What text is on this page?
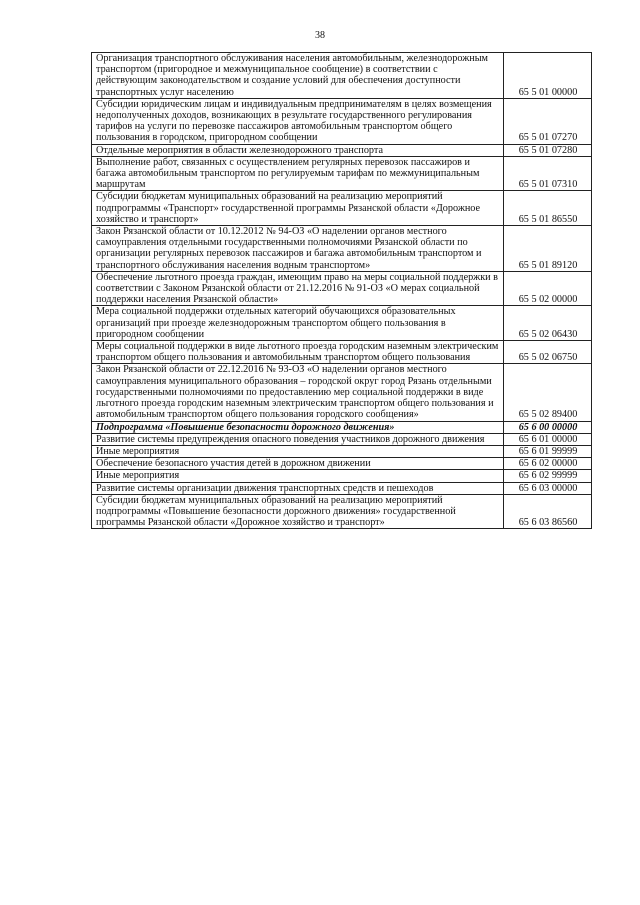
38
Организация транспортного обслуживания населения автомобильным, железнодорожным транспортом (пригородное и межмуниципальное сообщение) в соответствии с действующим законодательством и создание условий для обеспечения доступности транспортных услуг населению	65 5 01 00000
Субсидии юридическим лицам и индивидуальным предпринимателям в целях возмещения недополученных доходов, возникающих в результате государственного регулирования тарифов на услуги по перевозке пассажиров автомобильным транспортом общего пользования в городском, пригородном сообщении	65 5 01 07270
Отдельные мероприятия в области железнодорожного транспорта	65 5 01 07280
Выполнение работ, связанных с осуществлением регулярных перевозок пассажиров и багажа автомобильным транспортом по регулируемым тарифам по межмуниципальным маршрутам	65 5 01 07310
Субсидии бюджетам муниципальных образований на реализацию мероприятий подпрограммы «Транспорт» государственной программы Рязанской области «Дорожное хозяйство и транспорт»	65 5 01 86550
Закон Рязанской области от 10.12.2012 № 94-ОЗ «О наделении органов местного самоуправления отдельными государственными полномочиями Рязанской области по организации регулярных перевозок пассажиров и багажа автомобильным транспортом и транспортного обслуживания населения водным транспортом»	65 5 01 89120
Обеспечение льготного проезда граждан, имеющим право на меры социальной поддержки в соответствии с Законом Рязанской области от 21.12.2016 № 91-ОЗ «О мерах социальной поддержки населения Рязанской области»	65 5 02 00000
Мера социальной поддержки отдельных категорий обучающихся образовательных организаций при проезде железнодорожным транспортом общего пользования в пригородном сообщении	65 5 02 06430
Меры социальной поддержки в виде льготного проезда городским наземным электрическим транспортом общего пользования и автомобильным транспортом общего пользования	65 5 02 06750
Закон Рязанской области от 22.12.2016 № 93-ОЗ «О наделении органов местного самоуправления муниципального образования – городской округ город Рязань отдельными государственными полномочиями по предоставлению мер социальной поддержки в виде льготного проезда городским наземным электрическим транспортом общего пользования и автомобильным транспортом общего пользования городского сообщения»	65 5 02 89400
Подпрограмма «Повышение безопасности дорожного движения»	65 6 00 00000
Развитие системы предупреждения опасного поведения участников дорожного движения	65 6 01 00000
Иные мероприятия	65 6 01 99999
Обеспечение безопасного участия детей в дорожном движении	65 6 02 00000
Иные мероприятия	65 6 02 99999
Развитие системы организации движения транспортных средств и пешеходов	65 6 03 00000
Субсидии бюджетам муниципальных образований на реализацию мероприятий подпрограммы «Повышение безопасности дорожного движения» государственной программы Рязанской области «Дорожное хозяйство и транспорт»	65 6 03 86560
